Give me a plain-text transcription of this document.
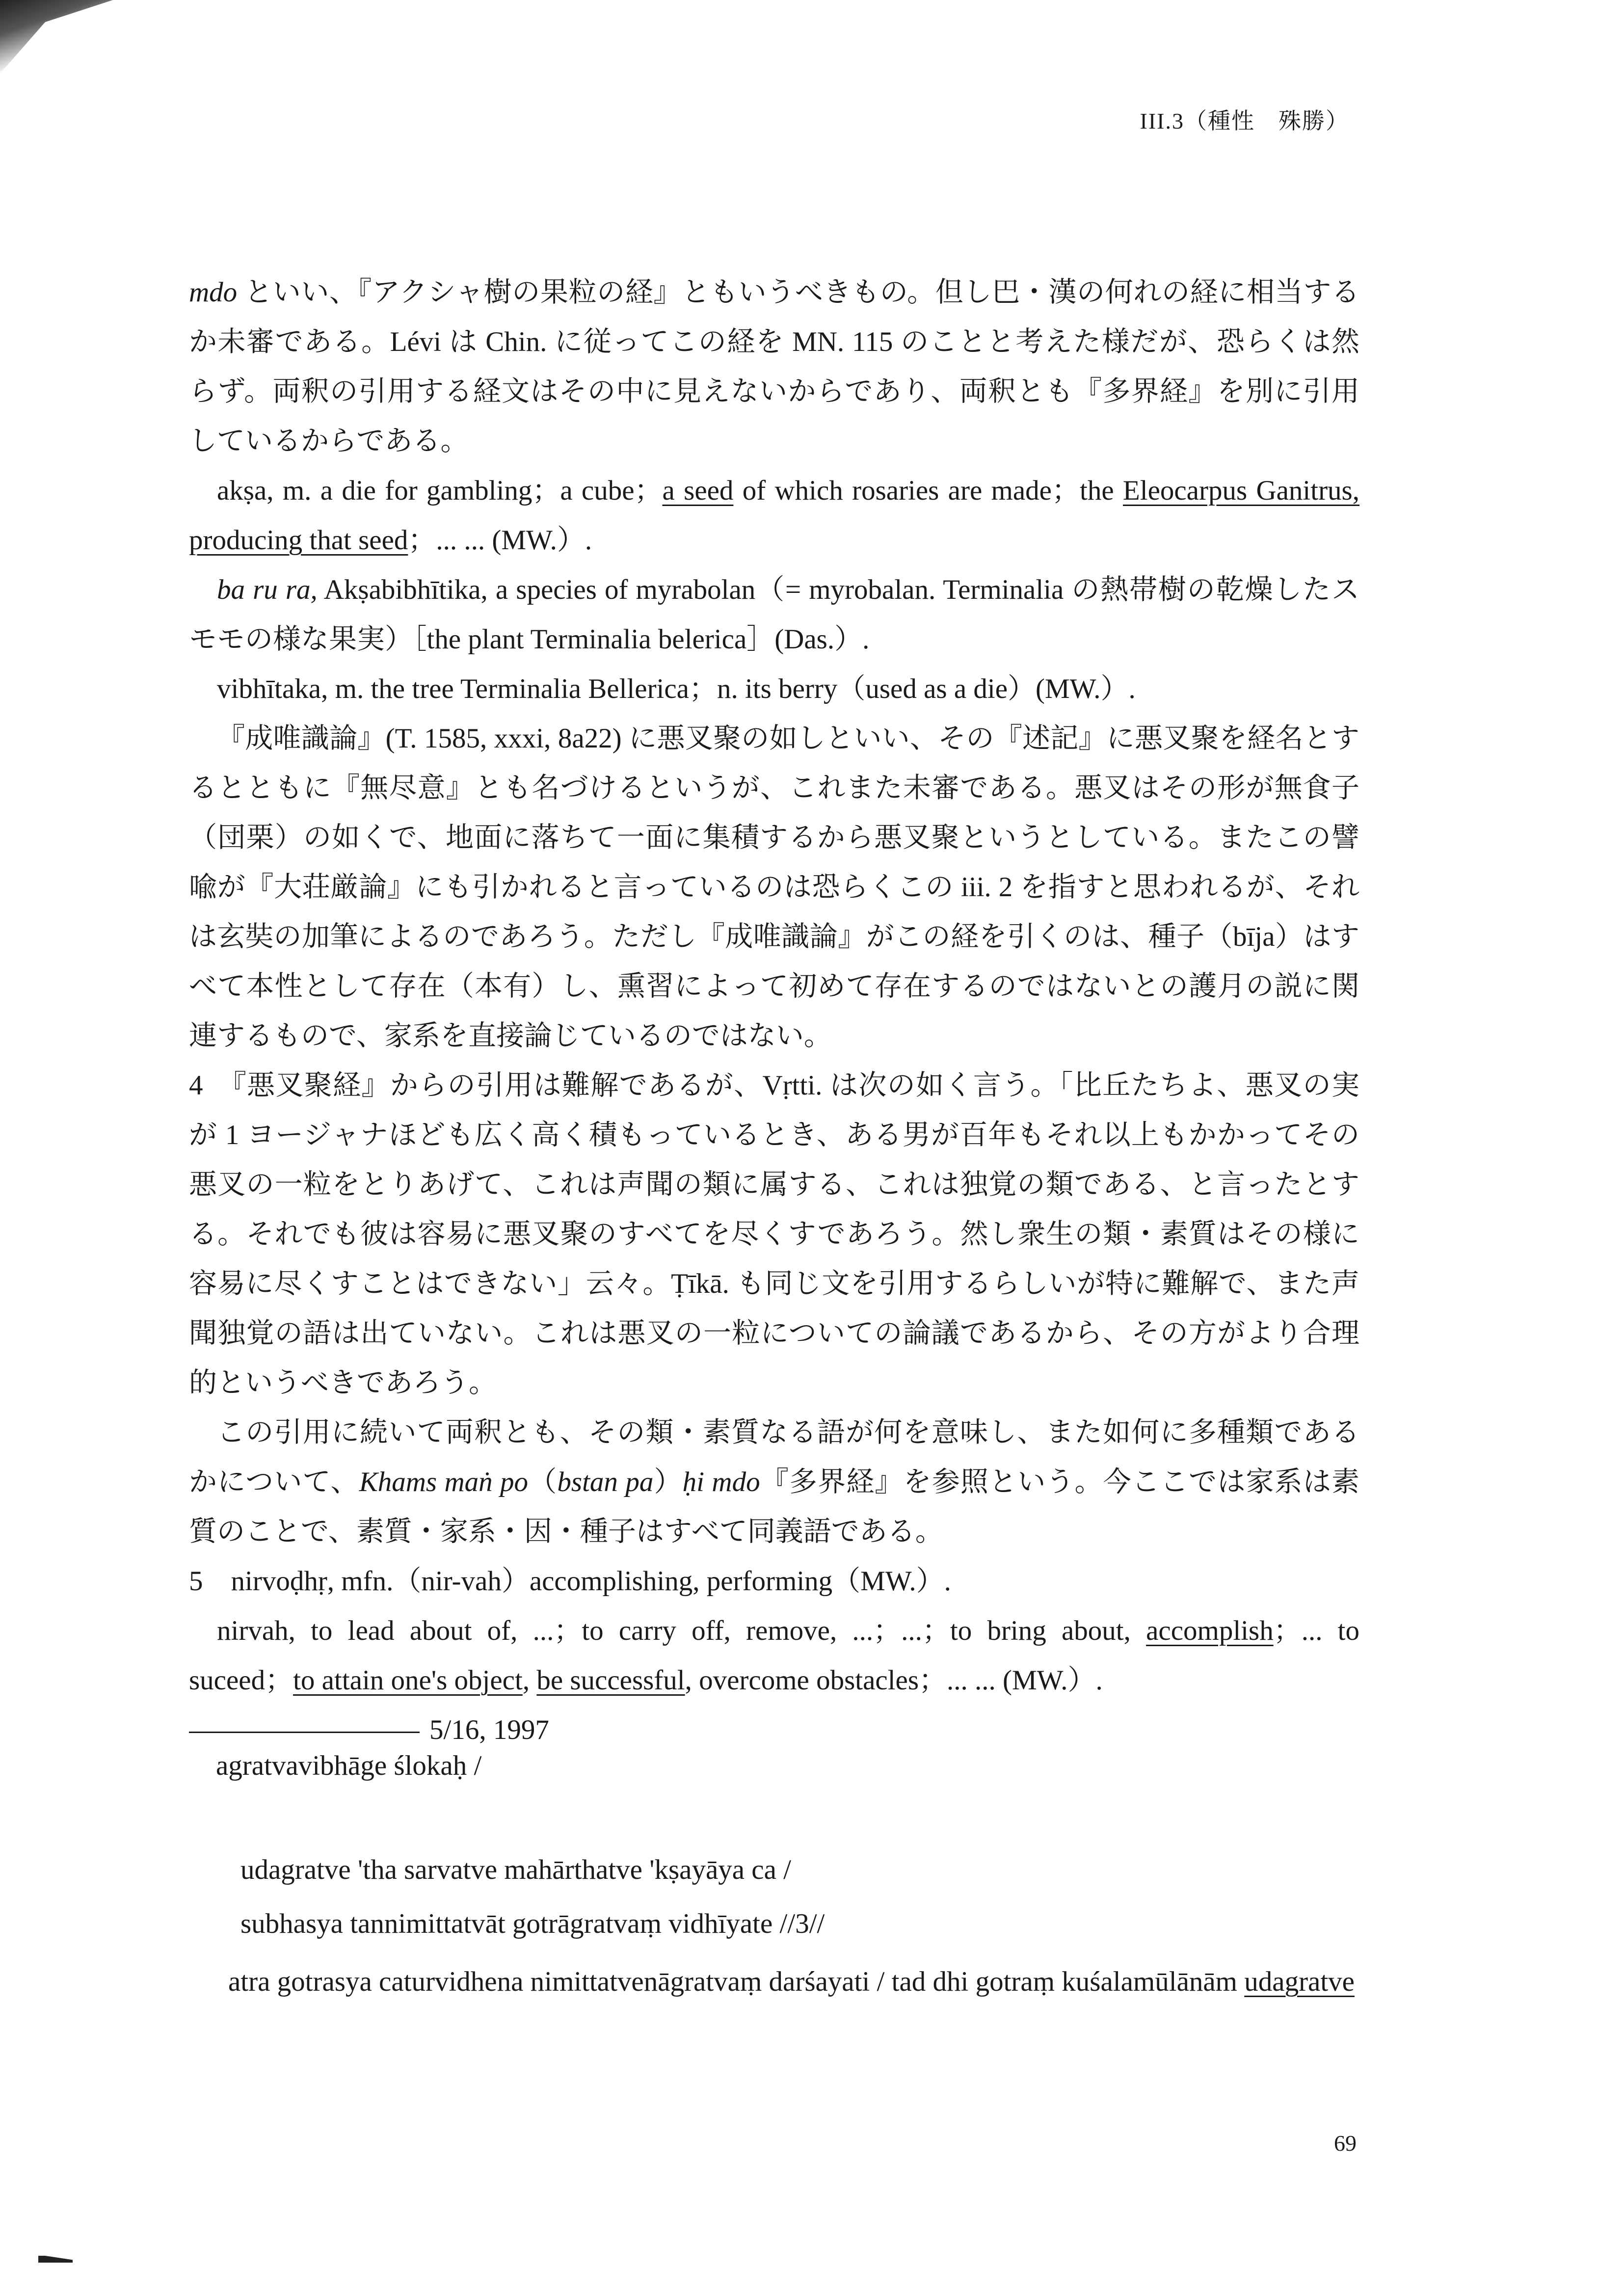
III.3（種性　殊勝）

mdo といい、『アクシャ樹の果粒の経』ともいうべきもの。但し巴・漢の何れの経に相当するか未審である。Lévi は Chin. に従ってこの経を MN. 115 のことと考えた様だが、恐らくは然らず。両釈の引用する経文はその中に見えないからであり、両釈とも『多界経』を別に引用しているからである。

akṣa, m. a die for gambling；a cube；a seed of which rosaries are made；the Eleocarpus Ganitrus, producing that seed；... ... (MW.）.

ba ru ra, Akṣabibhītika, a species of myrabolan（= myrobalan. Terminalia の熱帯樹の乾燥したスモモの様な果実）［the plant Terminalia belerica］(Das.）.

vibhītaka, m. the tree Terminalia Bellerica；n. its berry（used as a die）(MW.）.

『成唯識論』(T. 1585, xxxi, 8a22) に悪叉聚の如しといい、その『述記』に悪叉聚を経名とするとともに『無尽意』とも名づけるというが、これまた未審である。悪叉はその形が無食子（団栗）の如くで、地面に落ちて一面に集積するから悪叉聚というとしている。またこの譬喩が『大荘厳論』にも引かれると言っているのは恐らくこの iii. 2 を指すと思われるが、それは玄奘の加筆によるのであろう。ただし『成唯識論』がこの経を引くのは、種子（bīja）はすべて本性として存在（本有）し、熏習によって初めて存在するのではないとの護月の説に関連するもので、家系を直接論じているのではない。

4　『悪叉聚経』からの引用は難解であるが、Vṛtti. は次の如く言う。「比丘たちよ、悪叉の実が 1 ヨージャナほども広く高く積もっているとき、ある男が百年もそれ以上もかかってその悪叉の一粒をとりあげて、これは声聞の類に属する、これは独覚の類である、と言ったとする。それでも彼は容易に悪叉聚のすべてを尽くすであろう。然し衆生の類・素質はその様に容易に尽くすことはできない」云々。Ṭīkā. も同じ文を引用するらしいが特に難解で、また声聞独覚の語は出ていない。これは悪叉の一粒についての論議であるから、その方がより合理的というべきであろう。

この引用に続いて両釈とも、その類・素質なる語が何を意味し、また如何に多種類であるかについて、Khams maṅ po（bstan pa）ḥi mdo『多界経』を参照という。今ここでは家系は素質のことで、素質・家系・因・種子はすべて同義語である。

5　nirvoḍhṛ, mfn.（nir-vah）accomplishing, performing（MW.）.

nirvah, to lead about of, ...；to carry off, remove, ...；...；to bring about, accomplish；... to suceed；to attain one's object, be successful, overcome obstacles；... ... (MW.）.

5/16, 1997

agratvavibhāge ślokaḥ /
udagratve 'tha sarvatve mahārthatve 'kṣayāya ca /
subhasya tannimittatvāt gotrāgratvaṃ vidhīyate //3//
atra gotrasya caturvidhena nimittatvenāgratvaṃ darśayati / tad dhi gotraṃ kuśalamūlānām udagratve
69
